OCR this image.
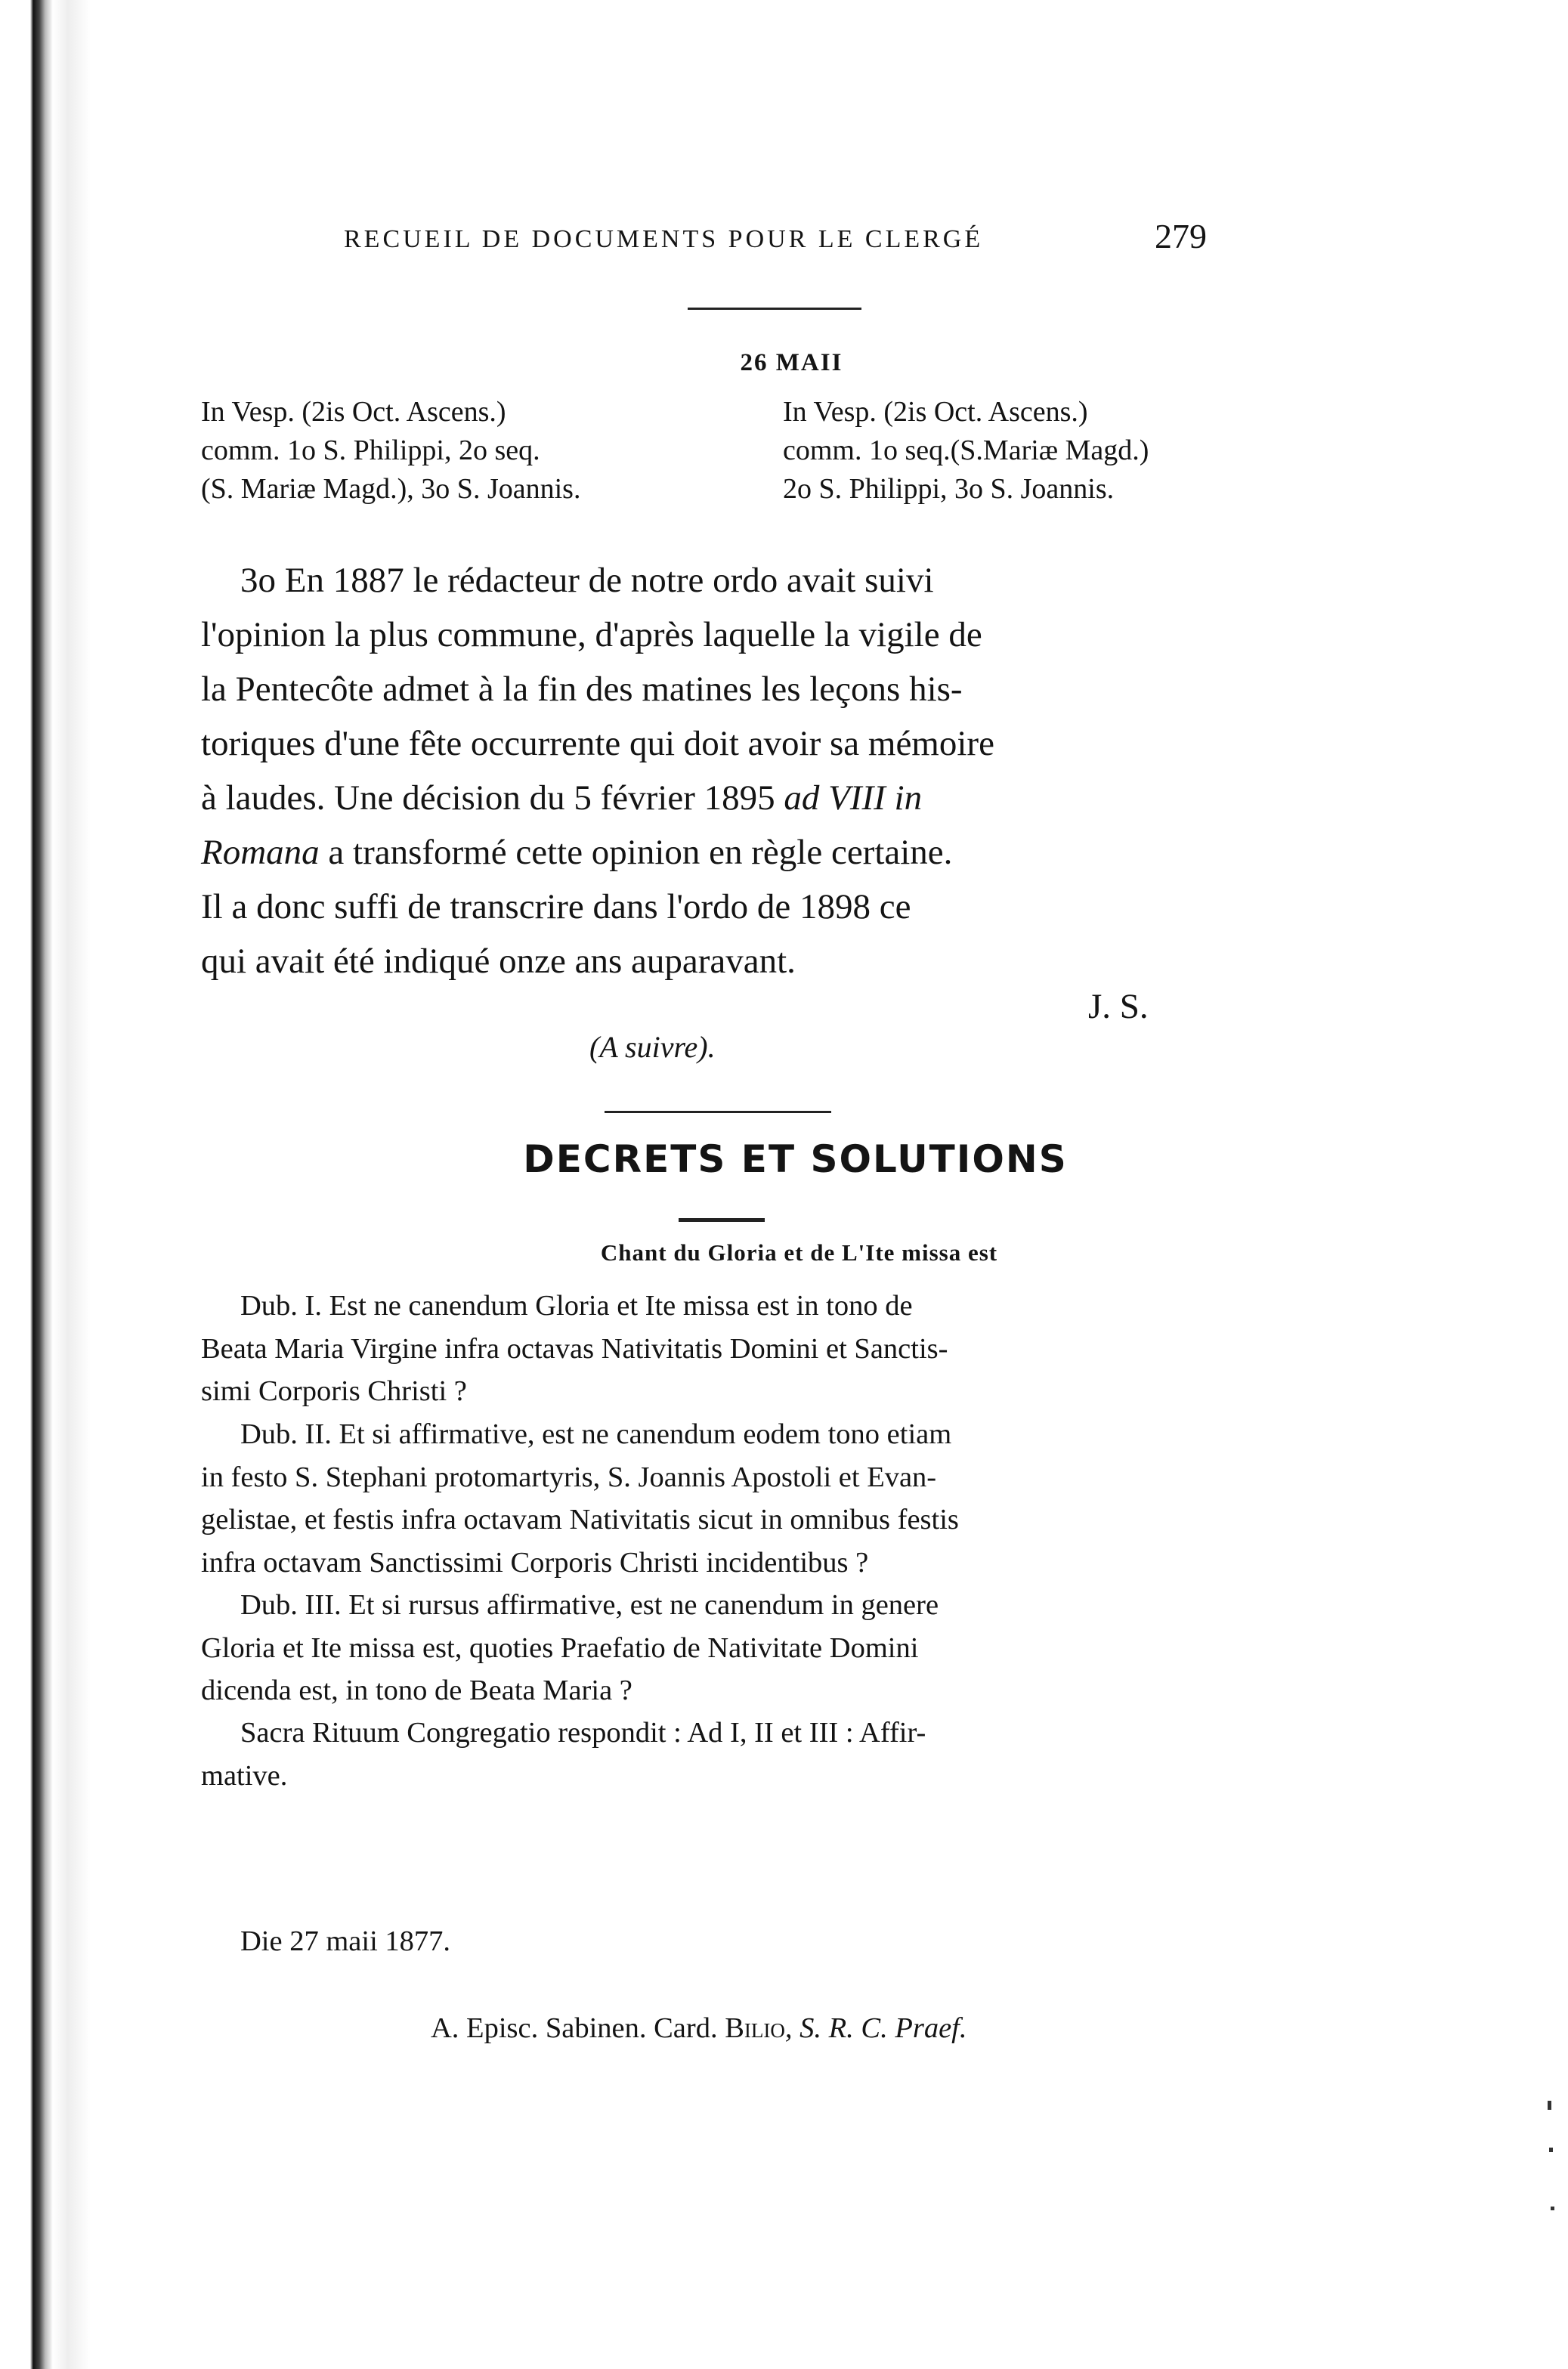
RECUEIL DE DOCUMENTS POUR LE CLERGÉ	279
26 MAII
In Vesp. (2is Oct. Ascens.)
comm. 1o S. Philippi, 2o seq.
(S. Mariæ Magd.), 3o S. Joannis.
In Vesp. (2is Oct. Ascens.)
comm. 1o seq.(S.Mariæ Magd.)
2o S. Philippi, 3o S. Joannis.
3o En 1887 le rédacteur de notre ordo avait suivi
l'opinion la plus commune, d'après laquelle la vigile de
la Pentecôte admet à la fin des matines les leçons his-
toriques d'une fête occurrente qui doit avoir sa mémoire
à laudes. Une décision du 5 février 1895 ad VIII in
Romana a transformé cette opinion en règle certaine.
Il a donc suffi de transcrire dans l'ordo de 1898 ce
qui avait été indiqué onze ans auparavant.
J. S.
(A suivre).
DECRETS ET SOLUTIONS
Chant du Gloria et de L'Ite missa est
Dub. I. Est ne canendum Gloria et Ite missa est in tono de
Beata Maria Virgine infra octavas Nativitatis Domini et Sanctis-
simi Corporis Christi ?
Dub. II. Et si affirmative, est ne canendum eodem tono etiam
in festo S. Stephani protomartyris, S. Joannis Apostoli et Evan-
gelistae, et festis infra octavam Nativitatis sicut in omnibus festis
infra octavam Sanctissimi Corporis Christi incidentibus ?
Dub. III. Et si rursus affirmative, est ne canendum in genere
Gloria et Ite missa est, quoties Praefatio de Nativitate Domini
dicenda est, in tono de Beata Maria ?
Sacra Rituum Congregatio respondit : Ad I, II et III : Affir-
mative.
Die 27 maii 1877.
A. Episc. Sabinen. Card. Bilio, S. R. C. Praef.
